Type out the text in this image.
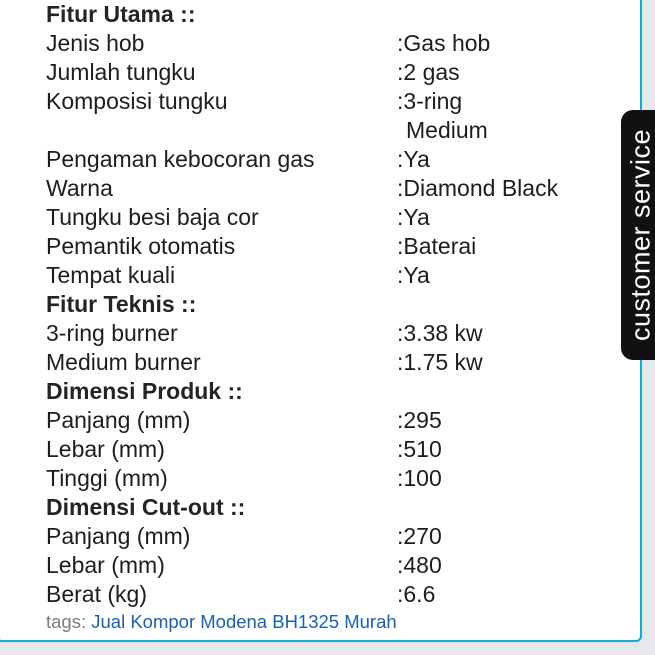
Fitur Utama ::
Jenis hob	:Gas hob
Jumlah tungku	:2 gas
Komposisi tungku	:3-ring
Medium
Pengaman kebocoran gas	:Ya
Warna	:Diamond Black
Tungku besi baja cor	:Ya
Pemantik otomatis	:Baterai
Tempat kuali	:Ya
Fitur Teknis ::
3-ring burner	:3.38 kw
Medium burner	:1.75 kw
Dimensi Produk ::
Panjang (mm)	:295
Lebar (mm)	:510
Tinggi (mm)	:100
Dimensi Cut-out ::
Panjang (mm)	:270
Lebar (mm)	:480
Berat (kg)	:6.6
tags: Jual Kompor Modena BH1325 Murah
customer service
